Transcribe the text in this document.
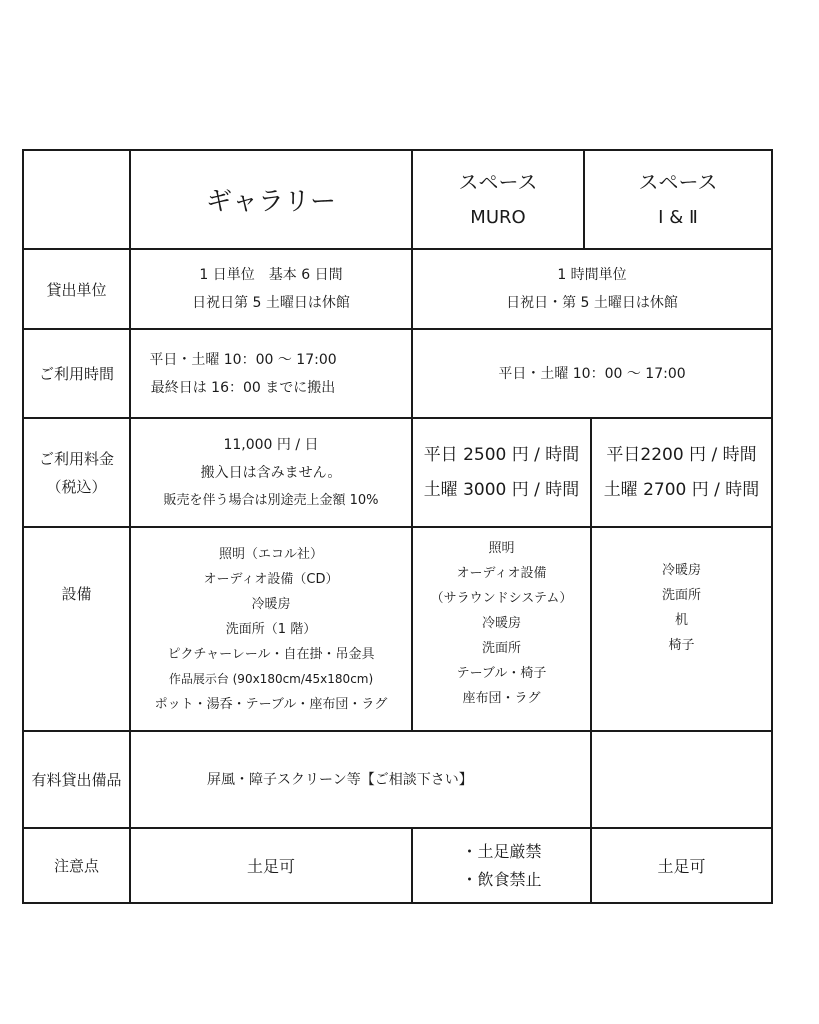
ギャラリー
スペース
MURO
スペース
Ⅰ & Ⅱ
貸出単位
1 日単位　基本 6 日間
日祝日第 5 土曜日は休館
1 時間単位
日祝日・第 5 土曜日は休館
ご利用時間
平日・土曜 10：00 〜 17:00
最終日は 16：00 までに搬出
平日・土曜 10：00 〜 17:00
ご利用料金
（税込）
11,000 円 / 日
搬入日は含みません。
販売を伴う場合は別途売上金額 10%
平日 2500 円 / 時間
土曜 3000 円 / 時間
平日2200 円 / 時間
土曜 2700 円 / 時間
設備
照明（エコル社）
オーディオ設備（CD）
冷暖房
洗面所（1 階）
ピクチャーレール・自在掛・吊金具
作品展示台 (90x180cm/45x180cm)
ポット・湯呑・テーブル・座布団・ラグ
照明
オーディオ設備
（サラウンドシステム）
冷暖房
洗面所
テーブル・椅子
座布団・ラグ
冷暖房
洗面所
机
椅子
有料貸出備品	屏風・障子スクリーン等【ご相談下さい】
注意点	土足可
・土足厳禁
・飲食禁止
土足可
